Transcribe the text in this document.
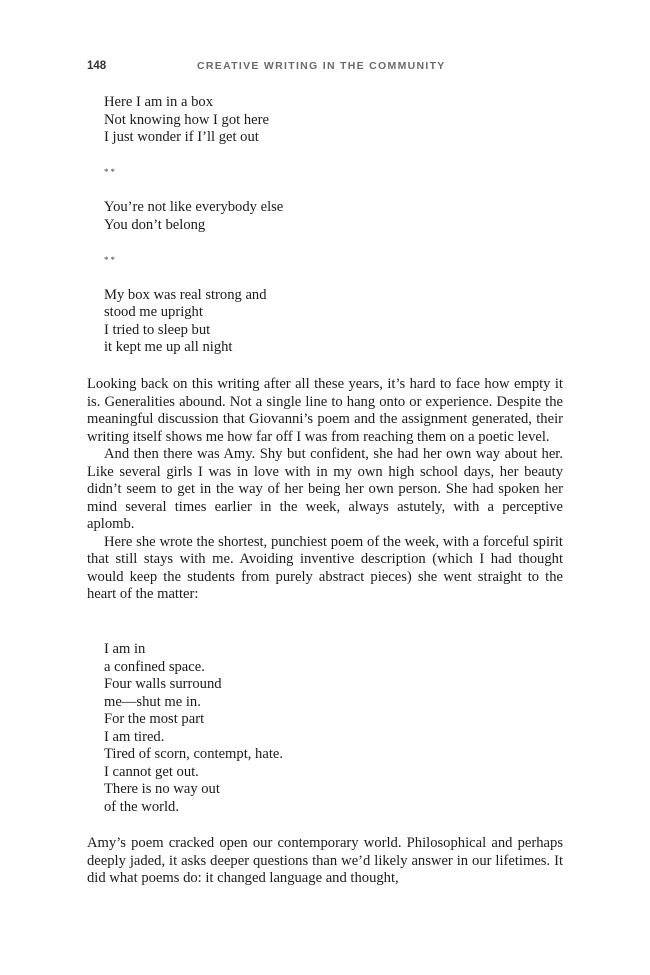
148	CREATIVE WRITING IN THE COMMUNITY
Here I am in a box
Not knowing how I got here
I just wonder if I’ll get out
**
You’re not like everybody else
You don’t belong
**
My box was real strong and
stood me upright
I tried to sleep but
it kept me up all night

Looking back on this writing after all these years, it’s hard to face how empty it is. Generalities abound. Not a single line to hang onto or experience. Despite the meaningful discussion that Giovanni’s poem and the assignment generated, their writing itself shows me how far off I was from reaching them on a poetic level.

And then there was Amy. Shy but confident, she had her own way about her. Like several girls I was in love with in my own high school days, her beauty didn’t seem to get in the way of her being her own person. She had spoken her mind several times earlier in the week, always astutely, with a perceptive aplomb.

Here she wrote the shortest, punchiest poem of the week, with a forceful spirit that still stays with me. Avoiding inventive description (which I had thought would keep the students from purely abstract pieces) she went straight to the heart of the matter:

I am in
a confined space.
Four walls surround
me—shut me in.
For the most part
I am tired.
Tired of scorn, contempt, hate.
I cannot get out.
There is no way out
of the world.

Amy’s poem cracked open our contemporary world. Philosophical and perhaps deeply jaded, it asks deeper questions than we’d likely answer in our lifetimes. It did what poems do: it changed language and thought,
